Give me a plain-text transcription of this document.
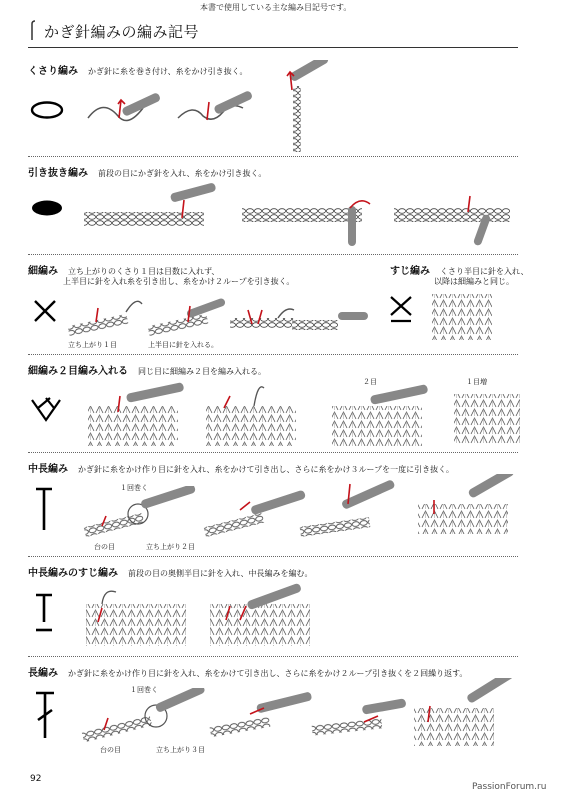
本書で使用している主な編み目記号です。
かぎ針編みの編み記号
くさり編み かぎ針に糸を巻き付け、糸をかけ引き抜く。
引き抜き編み 前段の目にかぎ針を入れ、糸をかけ引き抜く。
細編み 立ち上がりのくさり１目は目数に入れず、
上半目に針を入れ糸を引き出し、糸をかけ２ループを引き抜く。
立ち上がり１目	上半目に針を入れる。
すじ編み くさり半目に針を入れ、
以降は細編みと同じ。
細編み２目編み入れる 同じ目に細編み２目を編み入れる。
２目	１目増
中長編み かぎ針に糸をかけ作り目に針を入れ、糸をかけて引き出し、さらに糸をかけ３ループを一度に引き抜く。
１回巻く
台の目	立ち上がり２目
中長編みのすじ編み 前段の目の奥側半目に針を入れ、中長編みを編む。
長編み かぎ針に糸をかけ作り目に針を入れ、糸をかけて引き出し、さらに糸をかけ２ループ引き抜くを２回繰り返す。
１回巻く
台の目	立ち上がり３目
92
PassionForum.ru
